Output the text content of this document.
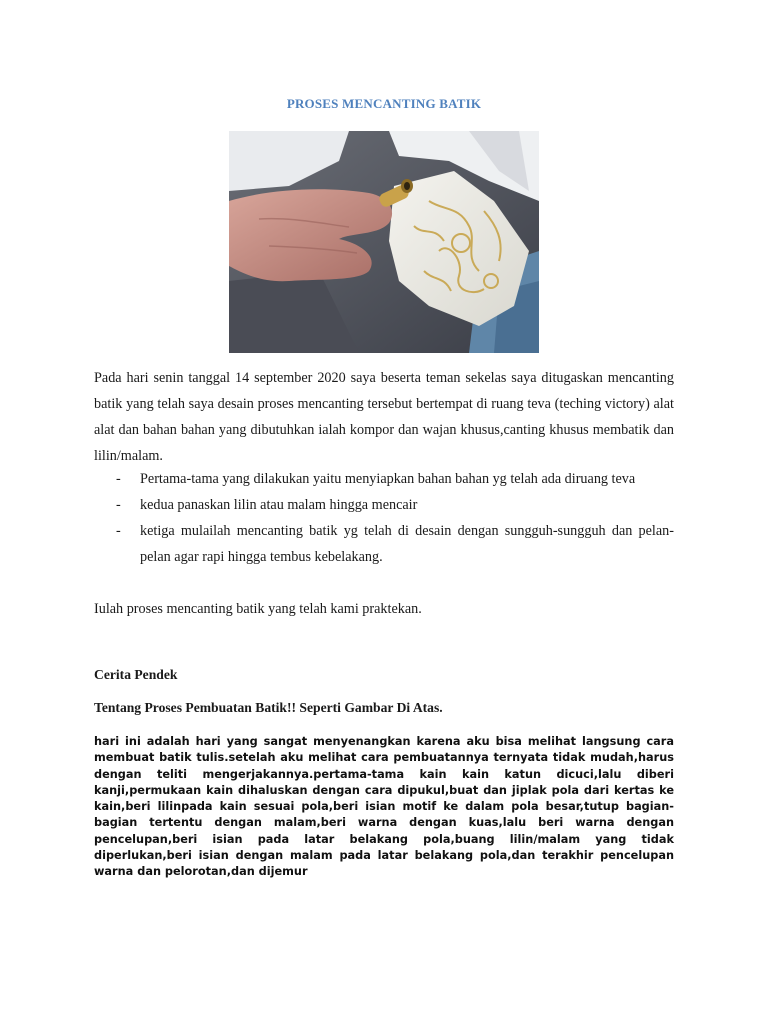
PROSES MENCANTING BATIK

Pada hari senin tanggal 14 september 2020 saya beserta teman sekelas saya ditugaskan mencanting batik yang telah saya desain proses mencanting tersebut bertempat di ruang teva (teching victory) alat alat dan bahan bahan yang dibutuhkan ialah kompor dan wajan khusus,canting khusus membatik dan lilin/malam.

- Pertama-tama yang dilakukan yaitu menyiapkan bahan bahan yg telah ada diruang teva
- kedua panaskan lilin atau malam hingga mencair
- ketiga mulailah mencanting batik yg telah di desain dengan sungguh-sungguh dan pelan-pelan agar rapi hingga tembus kebelakang.

Iulah proses mencanting batik yang telah kami praktekan.

Cerita Pendek

Tentang Proses Pembuatan Batik!! Seperti Gambar Di Atas.

hari ini adalah hari yang sangat menyenangkan karena aku bisa melihat langsung cara membuat batik tulis.setelah aku melihat cara pembuatannya ternyata tidak mudah,harus dengan teliti mengerjakannya.pertama-tama kain kain katun dicuci,lalu diberi kanji,permukaan kain dihaluskan dengan cara dipukul,buat dan jiplak pola dari kertas ke kain,beri lilinpada kain sesuai pola,beri isian motif ke dalam pola besar,tutup bagian-bagian tertentu dengan malam,beri warna dengan kuas,lalu beri warna dengan pencelupan,beri isian pada latar belakang pola,buang lilin/malam yang tidak diperlukan,beri isian dengan malam pada latar belakang pola,dan terakhir pencelupan warna dan pelorotan,dan dijemur
